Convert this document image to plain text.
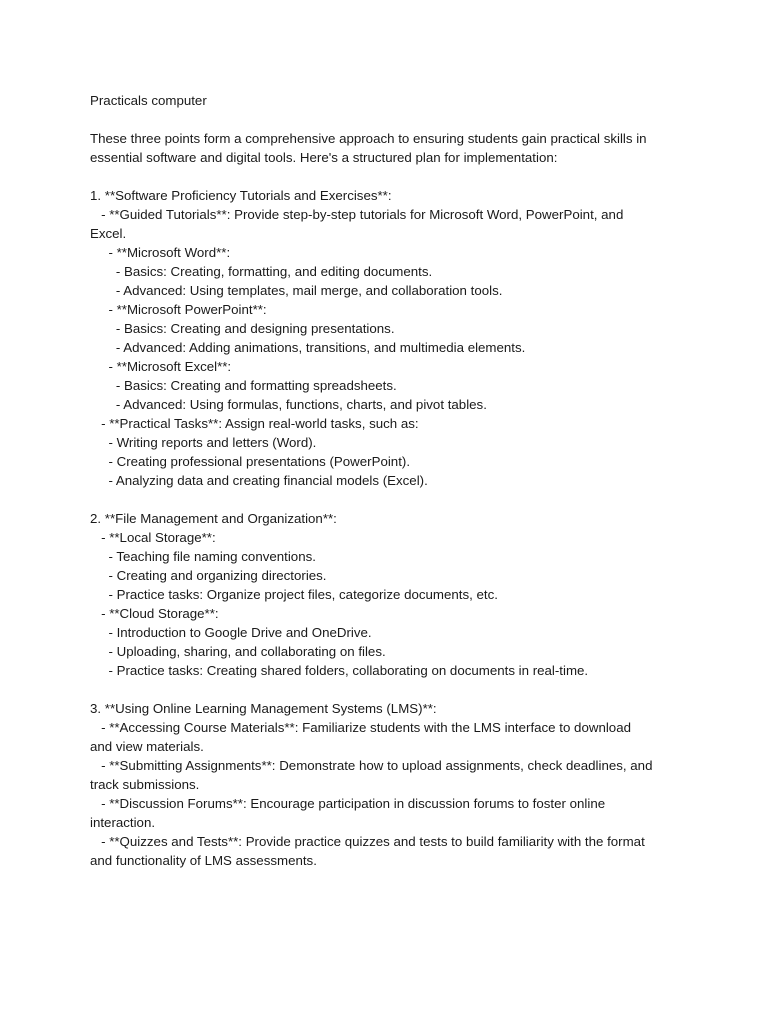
Practicals computer
These three points form a comprehensive approach to ensuring students gain practical skills in
essential software and digital tools. Here's a structured plan for implementation:
1. **Software Proficiency Tutorials and Exercises**:
- **Guided Tutorials**: Provide step-by-step tutorials for Microsoft Word, PowerPoint, and
Excel.
- **Microsoft Word**:
- Basics: Creating, formatting, and editing documents.
- Advanced: Using templates, mail merge, and collaboration tools.
- **Microsoft PowerPoint**:
- Basics: Creating and designing presentations.
- Advanced: Adding animations, transitions, and multimedia elements.
- **Microsoft Excel**:
- Basics: Creating and formatting spreadsheets.
- Advanced: Using formulas, functions, charts, and pivot tables.
- **Practical Tasks**: Assign real-world tasks, such as:
- Writing reports and letters (Word).
- Creating professional presentations (PowerPoint).
- Analyzing data and creating financial models (Excel).
2. **File Management and Organization**:
- **Local Storage**:
- Teaching file naming conventions.
- Creating and organizing directories.
- Practice tasks: Organize project files, categorize documents, etc.
- **Cloud Storage**:
- Introduction to Google Drive and OneDrive.
- Uploading, sharing, and collaborating on files.
- Practice tasks: Creating shared folders, collaborating on documents in real-time.
3. **Using Online Learning Management Systems (LMS)**:
- **Accessing Course Materials**: Familiarize students with the LMS interface to download
and view materials.
- **Submitting Assignments**: Demonstrate how to upload assignments, check deadlines, and
track submissions.
- **Discussion Forums**: Encourage participation in discussion forums to foster online
interaction.
- **Quizzes and Tests**: Provide practice quizzes and tests to build familiarity with the format
and functionality of LMS assessments.
